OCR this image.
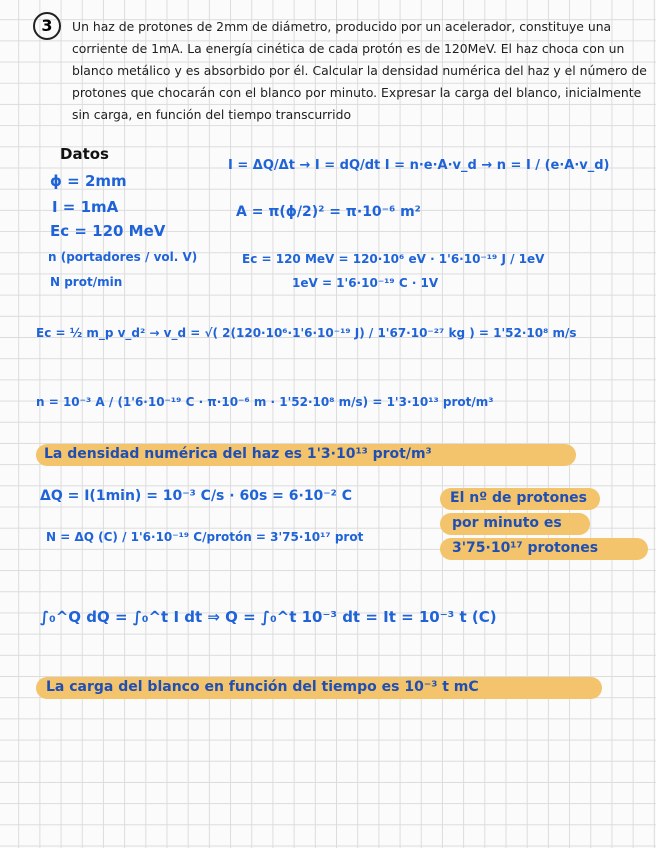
3	Un haz de protones de 2mm de diámetro, producido por un acelerador, constituye una
corriente de 1mA. La energía cinética de cada protón es de 120MeV. El haz choca con un
blanco metálico y es absorbido por él. Calcular la densidad numérica del haz y el número de
protones que chocarán con el blanco por minuto. Expresar la carga del blanco, inicialmente
sin carga, en función del tiempo transcurrido
Datos
ϕ = 2mm
I = 1mA
Ec = 120 MeV
n (portadores / vol. V)
N prot/min
I = ΔQ/Δt → I = dQ/dt I = n·e·A·v_d → n = I / (e·A·v_d)
A = π(ϕ/2)² = π·10⁻⁶ m²
Ec = 120 MeV = 120·10⁶ eV · 1'6·10⁻¹⁹ J / 1eV
1eV = 1'6·10⁻¹⁹ C · 1V
Ec = ½ m_p v_d² → v_d = √( 2(120·10⁶·1'6·10⁻¹⁹ J) / 1'67·10⁻²⁷ kg ) = 1'52·10⁸ m/s
n = 10⁻³ A / (1'6·10⁻¹⁹ C · π·10⁻⁶ m · 1'52·10⁸ m/s) = 1'3·10¹³ prot/m³
La densidad numérica del haz es 1'3·10¹³ prot/m³
ΔQ = I(1min) = 10⁻³ C/s · 60s = 6·10⁻² C	El nº de protones
por minuto es
3'75·10¹⁷ protones
N = ΔQ (C) / 1'6·10⁻¹⁹ C/protón = 3'75·10¹⁷ prot
∫₀^Q dQ = ∫₀^t I dt ⇒ Q = ∫₀^t 10⁻³ dt = It = 10⁻³ t (C)
La carga del blanco en función del tiempo es 10⁻³ t mC
